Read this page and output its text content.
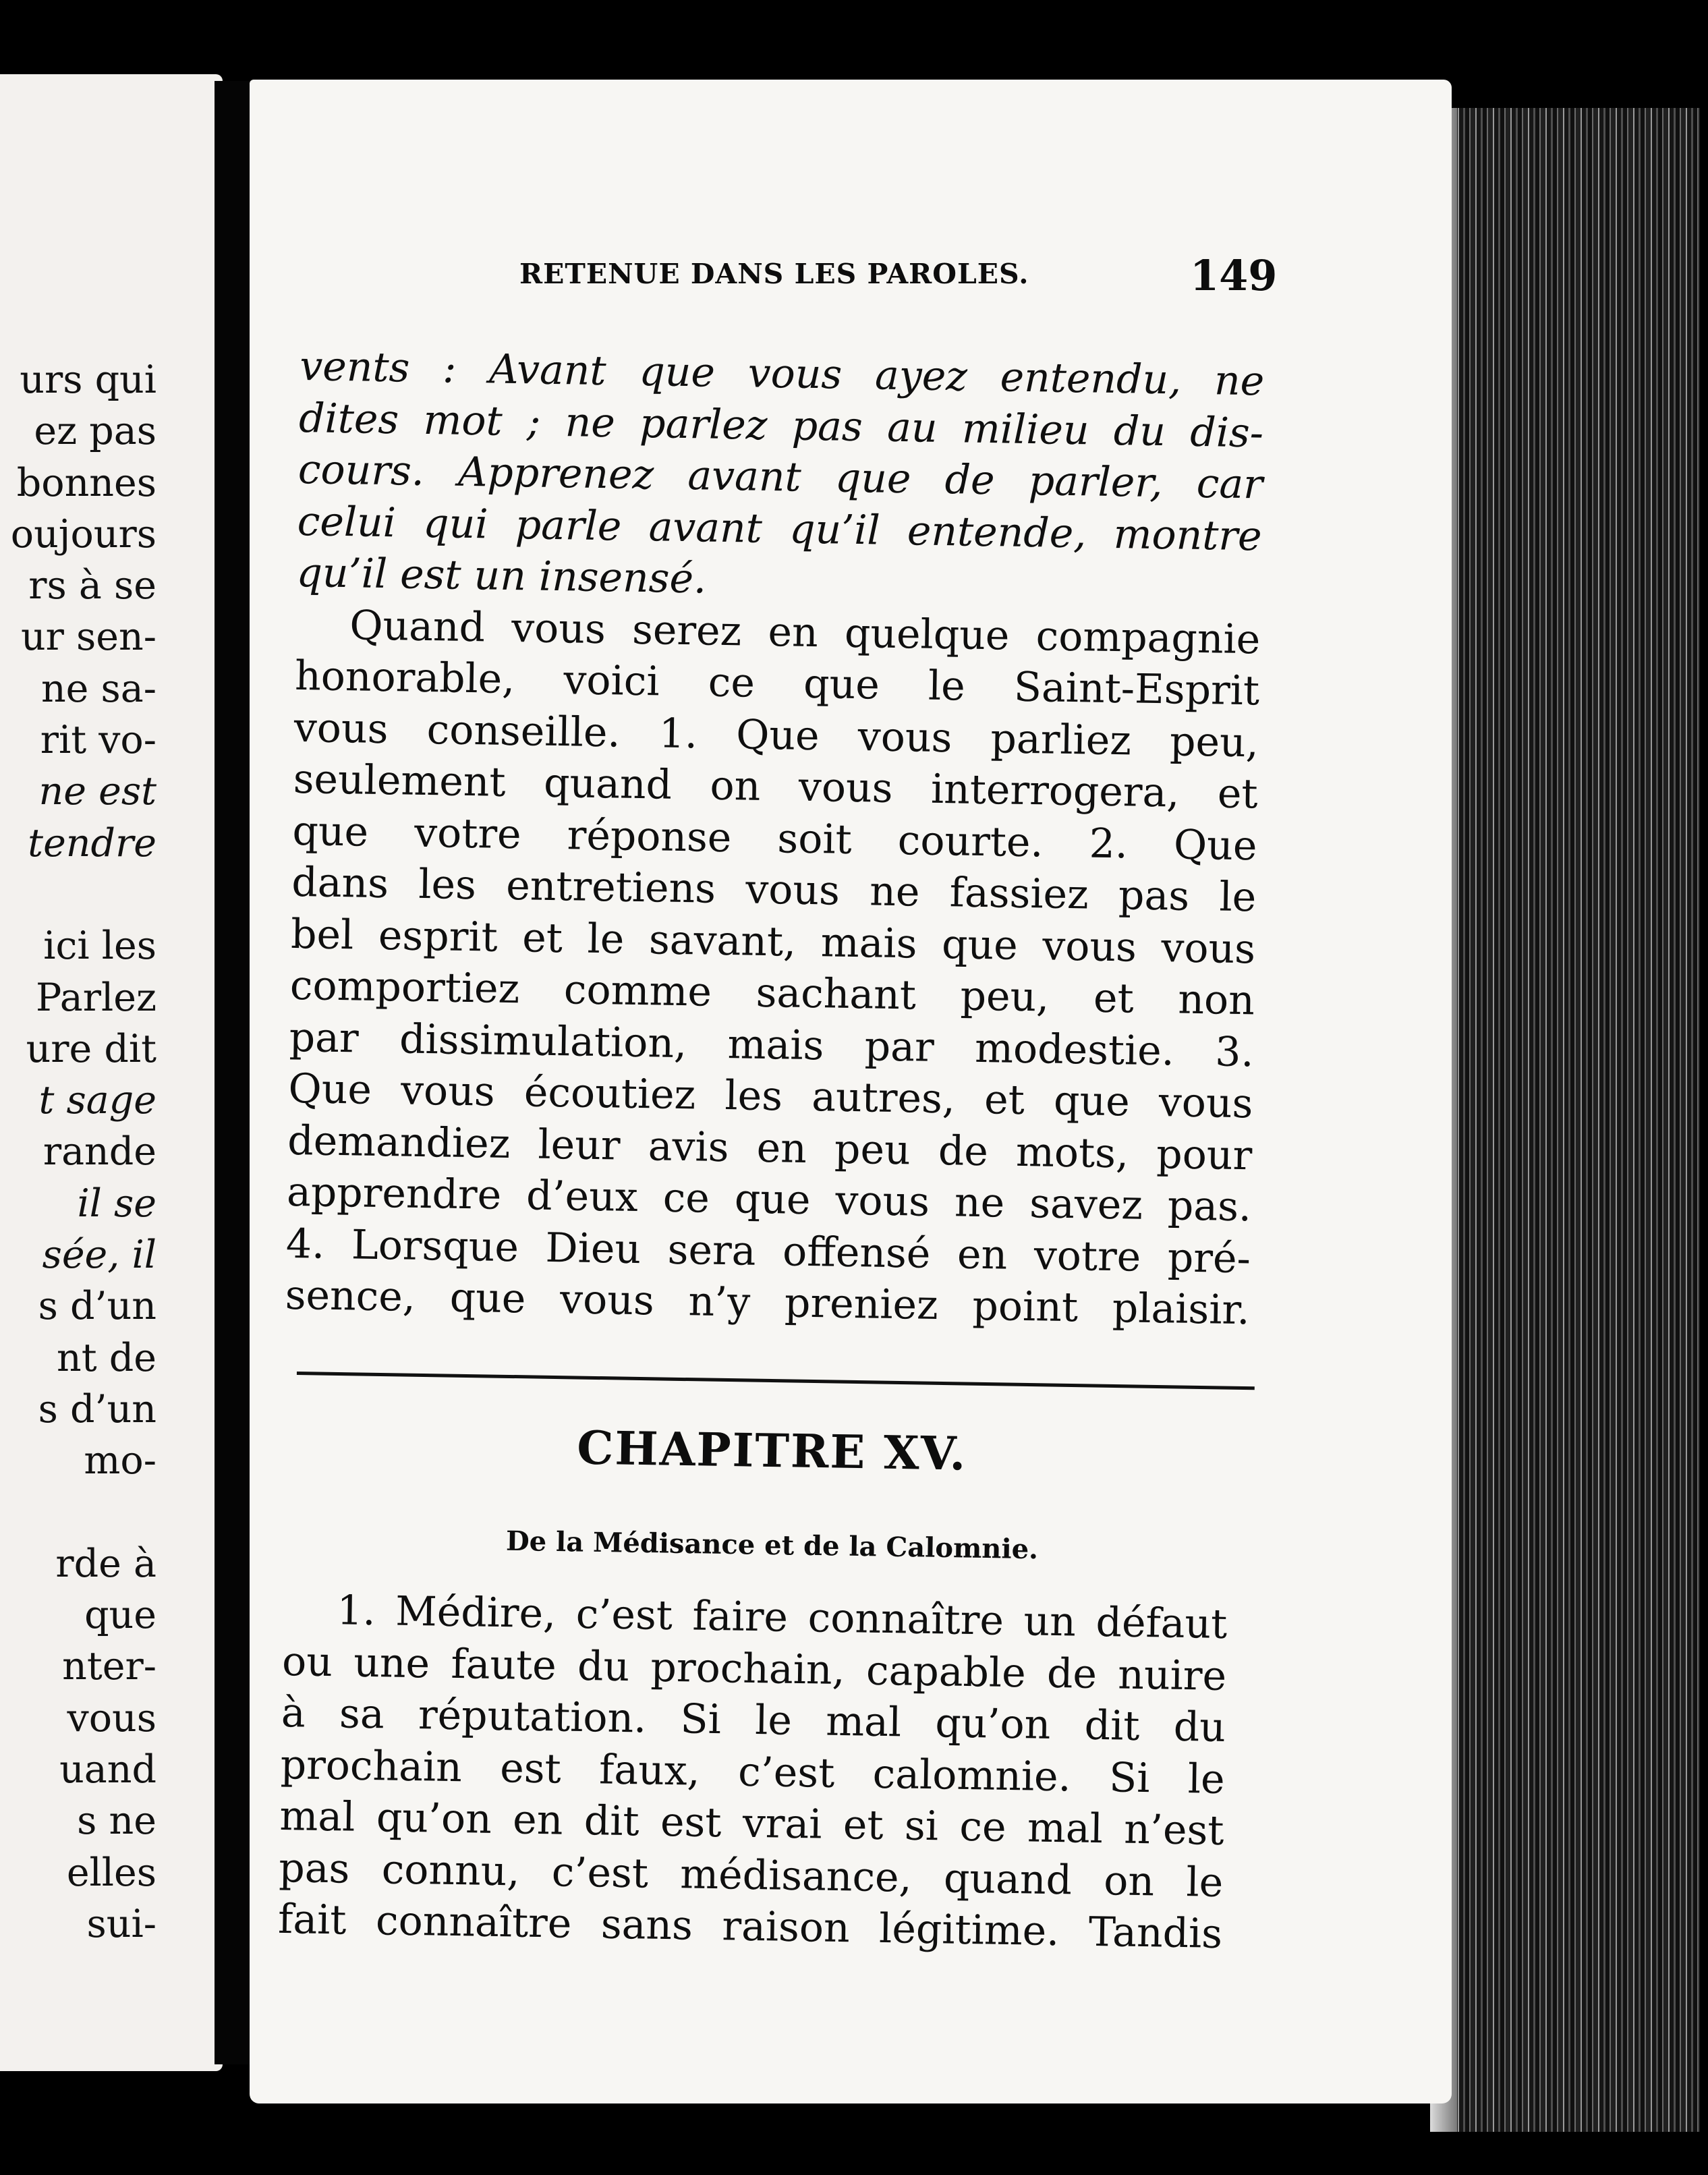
urs qui
ez pas
bonnes
oujours
rs à se
ur sen-
ne sa-
rit vo-
ne est
tendre
ici les
Parlez
ure dit
t sage
rande
il se
sée, il
s d’un
nt de
s d’un
mo-
rde à
que
nter-
vous
uand
s ne
elles
sui-
RETENUE DANS LES PAROLES.	149
vents : Avant que vous ayez entendu, ne
dites mot ; ne parlez pas au milieu du dis-
cours. Apprenez avant que de parler, car
celui qui parle avant qu’il entende, montre
qu’il est un insensé.
Quand vous serez en quelque compagnie
honorable, voici ce que le Saint-Esprit
vous conseille. 1. Que vous parliez peu,
seulement quand on vous interrogera, et
que votre réponse soit courte. 2. Que
dans les entretiens vous ne fassiez pas le
bel esprit et le savant, mais que vous vous
comportiez comme sachant peu, et non
par dissimulation, mais par modestie. 3.
Que vous écoutiez les autres, et que vous
demandiez leur avis en peu de mots, pour
apprendre d’eux ce que vous ne savez pas.
4. Lorsque Dieu sera offensé en votre pré-
sence, que vous n’y preniez point plaisir.
CHAPITRE XV.
De la Médisance et de la Calomnie.
1. Médire, c’est faire connaître un défaut
ou une faute du prochain, capable de nuire
à sa réputation. Si le mal qu’on dit du
prochain est faux, c’est calomnie. Si le
mal qu’on en dit est vrai et si ce mal n’est
pas connu, c’est médisance, quand on le
fait connaître sans raison légitime. Tandis
